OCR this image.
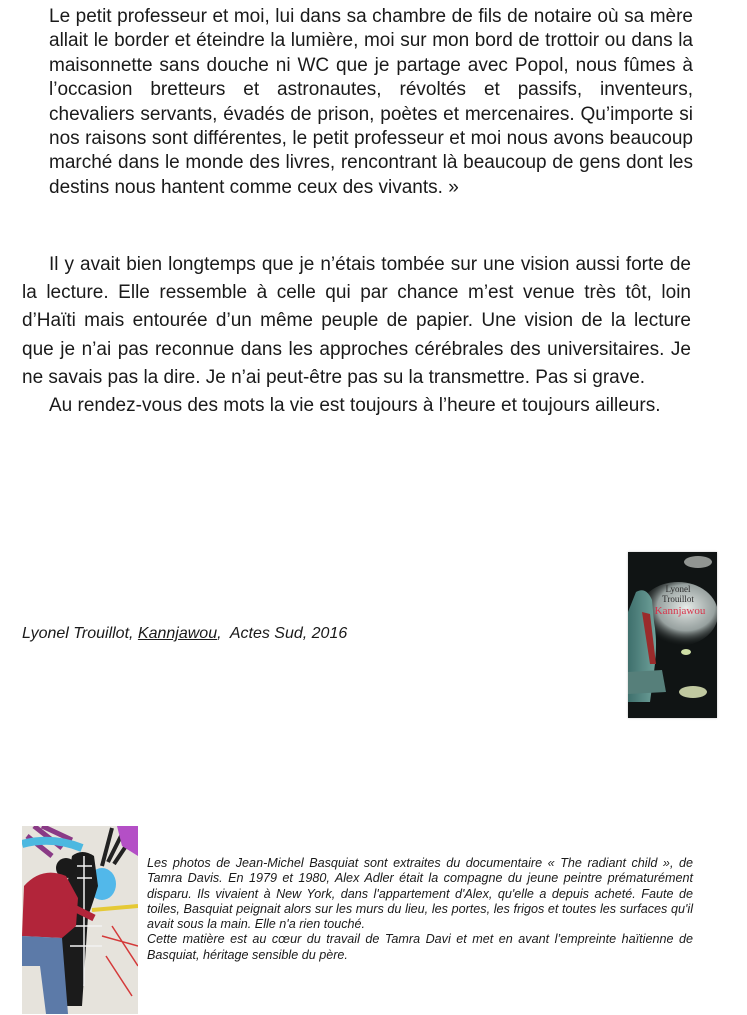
Le petit professeur et moi, lui dans sa chambre de fils de notaire où sa mère allait le border et éteindre la lumière, moi sur mon bord de trottoir ou dans la maisonnette sans douche ni WC que je partage avec Popol, nous fûmes à l’occasion bretteurs et astronautes, révoltés et passifs, inventeurs, chevaliers servants, évadés de prison, poètes et mercenaires. Qu’importe si nos raisons sont différentes, le petit professeur et moi nous avons beaucoup marché dans le monde des livres, rencontrant là beaucoup de gens dont les destins nous hantent comme ceux des vivants. »

Il y avait bien longtemps que je n’étais tombée sur une vision aussi forte de la lecture. Elle ressemble à celle qui par chance m’est venue très tôt, loin d’Haïti mais entourée d’un même peuple de papier. Une vision de la lecture que je n’ai pas reconnue dans les approches cérébrales des universitaires. Je ne savais pas la dire. Je n’ai peut-être pas su la transmettre. Pas si grave.

Au rendez-vous des mots la vie est toujours à l’heure et toujours ailleurs.

Lyonel Trouillot, Kannjawou,  Actes Sud, 2016
Lyonel
Trouillot
Kannjawou

Les photos de Jean-Michel Basquiat sont extraites du documentaire « The radiant child », de Tamra Davis. En 1979 et 1980, Alex Adler était la compagne du jeune peintre prématurément disparu. Ils vivaient à New York, dans l'appartement d'Alex, qu'elle a depuis acheté. Faute de toiles, Basquiat peignait alors sur les murs du lieu, les portes, les frigos et toutes les surfaces qu'il avait sous la main. Elle n'a rien touché.

Cette matière est au cœur du travail de Tamra Davi et met en avant l’empreinte haïtienne de Basquiat, héritage sensible du père.
